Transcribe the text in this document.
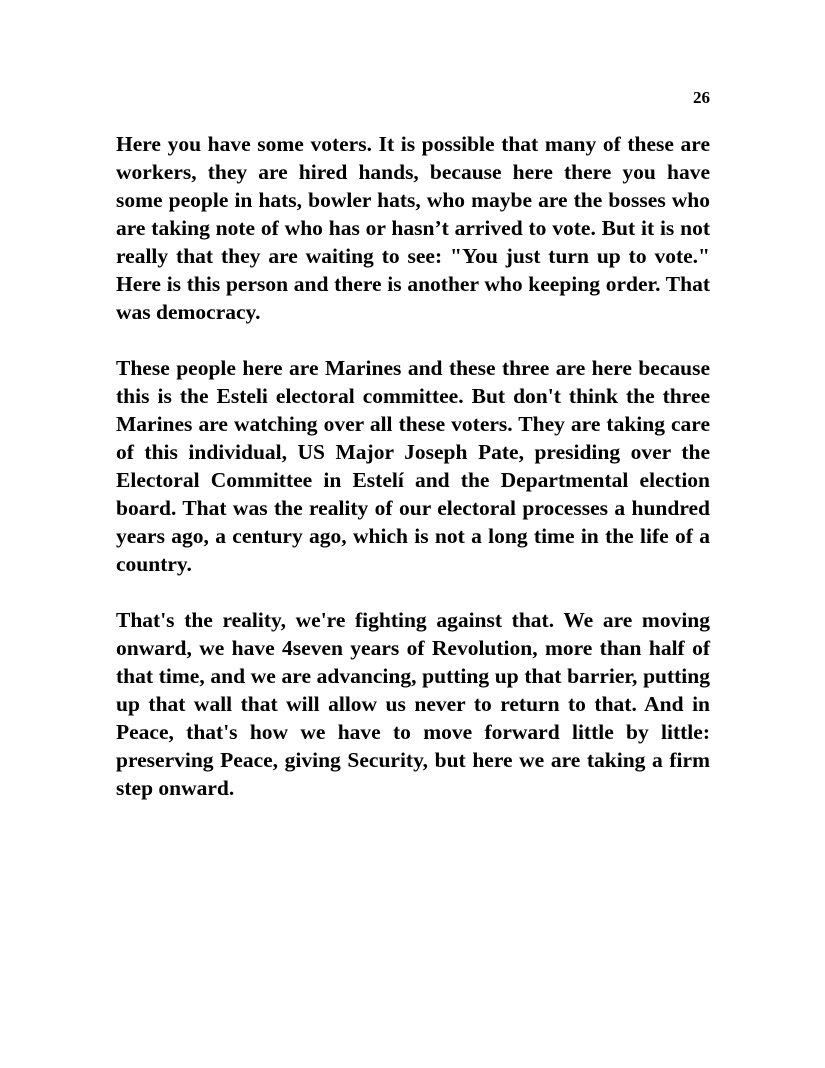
26

Here you have some voters. It is possible that many of these are workers, they are hired hands, because here there you have some people in hats, bowler hats, who maybe are the bosses who are taking note of who has or hasn’t arrived to vote. But it is not really that they are waiting to see: "You just turn up to vote." Here is this person and there is another who keeping order. That was democracy.

These people here are Marines and these three are here because this is the Esteli electoral committee. But don't think the three Marines are watching over all these voters. They are taking care of this individual, US Major Joseph Pate, presiding over the Electoral Committee in Estelí and the Departmental election board. That was the reality of our electoral processes a hundred years ago, a century ago, which is not a long time in the life of a country.

That's the reality, we're fighting against that. We are moving onward, we have 4seven years of Revolution, more than half of that time, and we are advancing, putting up that barrier, putting up that wall that will allow us never to return to that. And in Peace, that's how we have to move forward little by little: preserving Peace, giving Security, but here we are taking a firm step onward.
